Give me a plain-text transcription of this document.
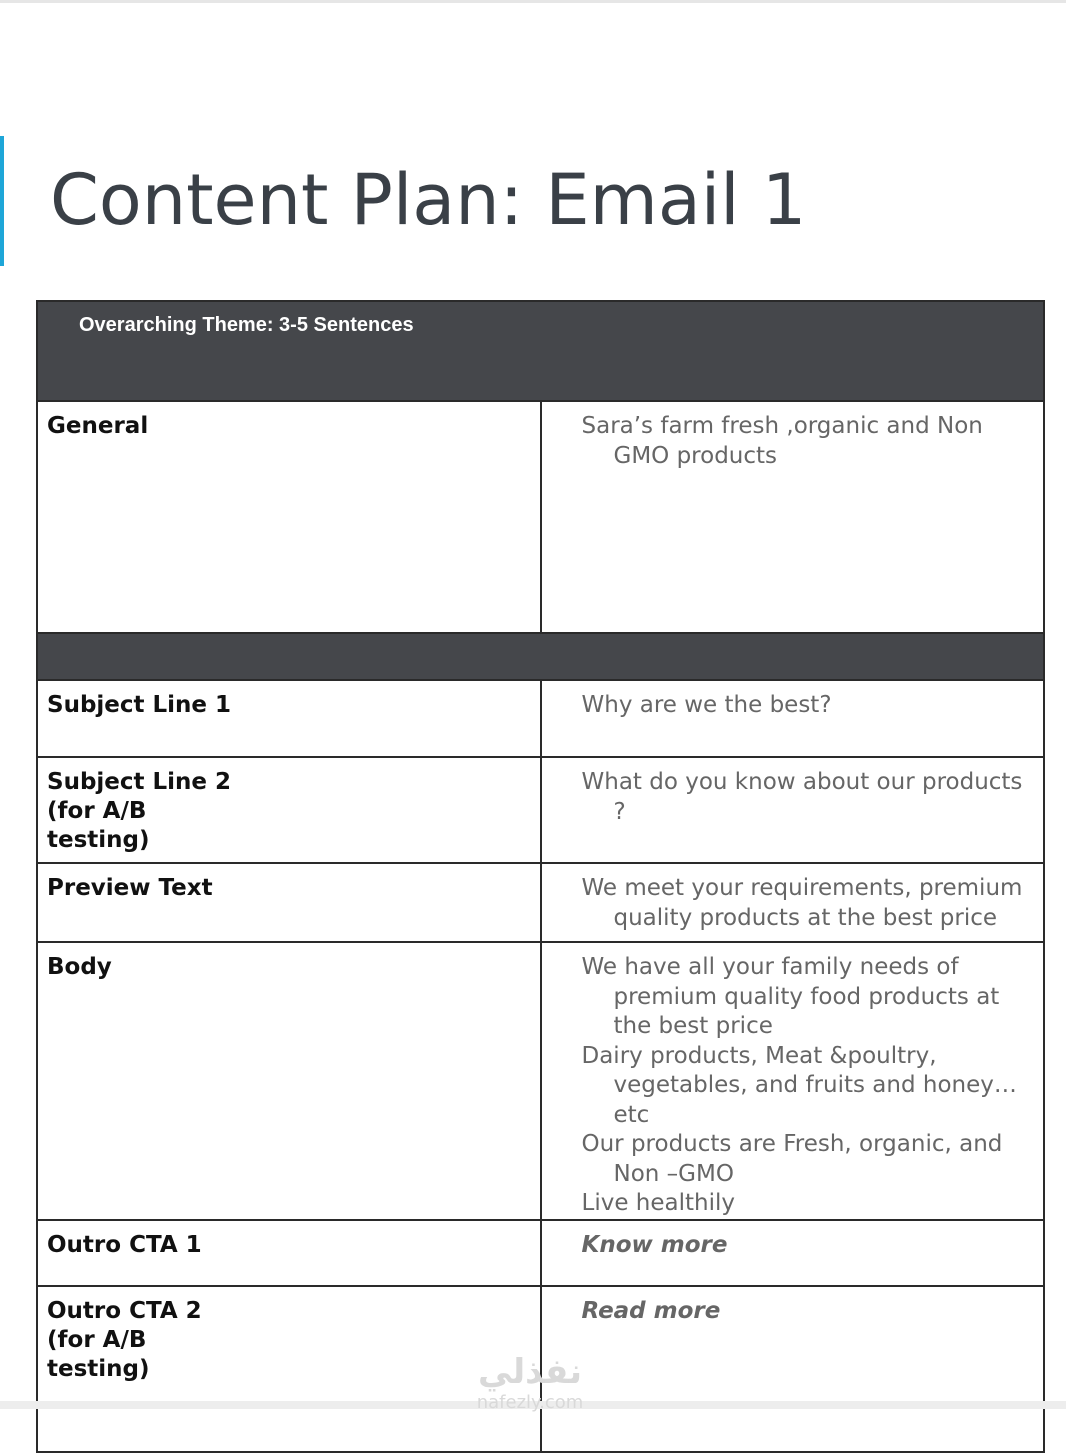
Content Plan: Email 1
Overarching Theme: 3-5 Sentences	

General	Sara’s farm fresh ,organic and Non GMO products

Subject Line 1	Why are we the best?

Subject Line 2
(for A/B
testing)	What do you know about our products ?

Preview Text	We meet your requirements, premium quality products at the best price

Body	We have all your family needs of premium quality food products at the best price
Dairy products, Meat &poultry, vegetables, and fruits and honey…etc
Our products are Fresh, organic, and Non –GMO
Live healthily

Outro CTA 1	Know more

Outro CTA 2
(for A/B
testing)	Read more
نفذلي
nafezly.com
